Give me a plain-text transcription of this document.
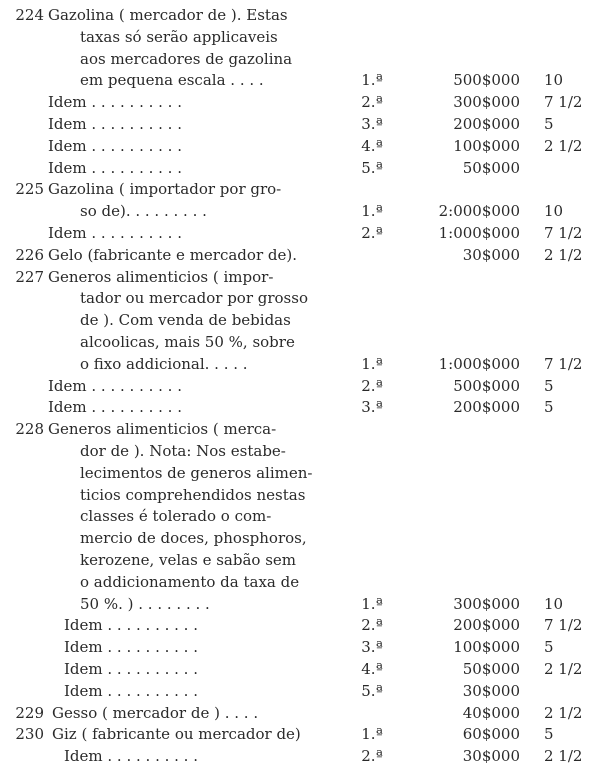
224 Gazolina ( mercador de ). Estas
taxas só serão applicaveis
aos mercadores de gazolina
em pequena escala . . . .	1.ª	500$000 10
Idem . . . . . . . . . .	2.ª	300$000 7 1/2
Idem . . . . . . . . . .	3.ª	200$000 5
Idem . . . . . . . . . .	4.ª	100$000 2 1/2
Idem . . . . . . . . . .	5.ª	50$000
225 Gazolina ( importador por gro-
so de). . . . . . . . .	1.ª	2:000$000 10
Idem . . . . . . . . . .	2.ª	1:000$000 7 1/2
226 Gelo (fabricante e mercador de).	30$000 2 1/2
227 Generos alimenticios ( impor-
tador ou mercador por grosso
de ). Com venda de bebidas
alcoolicas, mais 50 %, sobre
o fixo addicional. . . . .	1.ª	1:000$000 7 1/2
Idem . . . . . . . . . .	2.ª	500$000 5
Idem . . . . . . . . . .	3.ª	200$000 5
228 Generos alimenticios ( merca-
dor de ). Nota: Nos estabe-
lecimentos de generos alimen-
ticios comprehendidos nestas
classes é tolerado o com-
mercio de doces, phosphoros,
kerozene, velas e sabão sem
o addicionamento da taxa de
50 %. ) . . . . . . . .	1.ª	300$000 10
Idem . . . . . . . . . .	2.ª	200$000 7 1/2
Idem . . . . . . . . . .	3.ª	100$000 5
Idem . . . . . . . . . .	4.ª	50$000 2 1/2
Idem . . . . . . . . . .	5.ª	30$000
229 Gesso ( mercador de ) . . . .	40$000 2 1/2
230 Giz ( fabricante ou mercador de)	1.ª	60$000 5
Idem . . . . . . . . . .	2.ª	30$000 2 1/2
